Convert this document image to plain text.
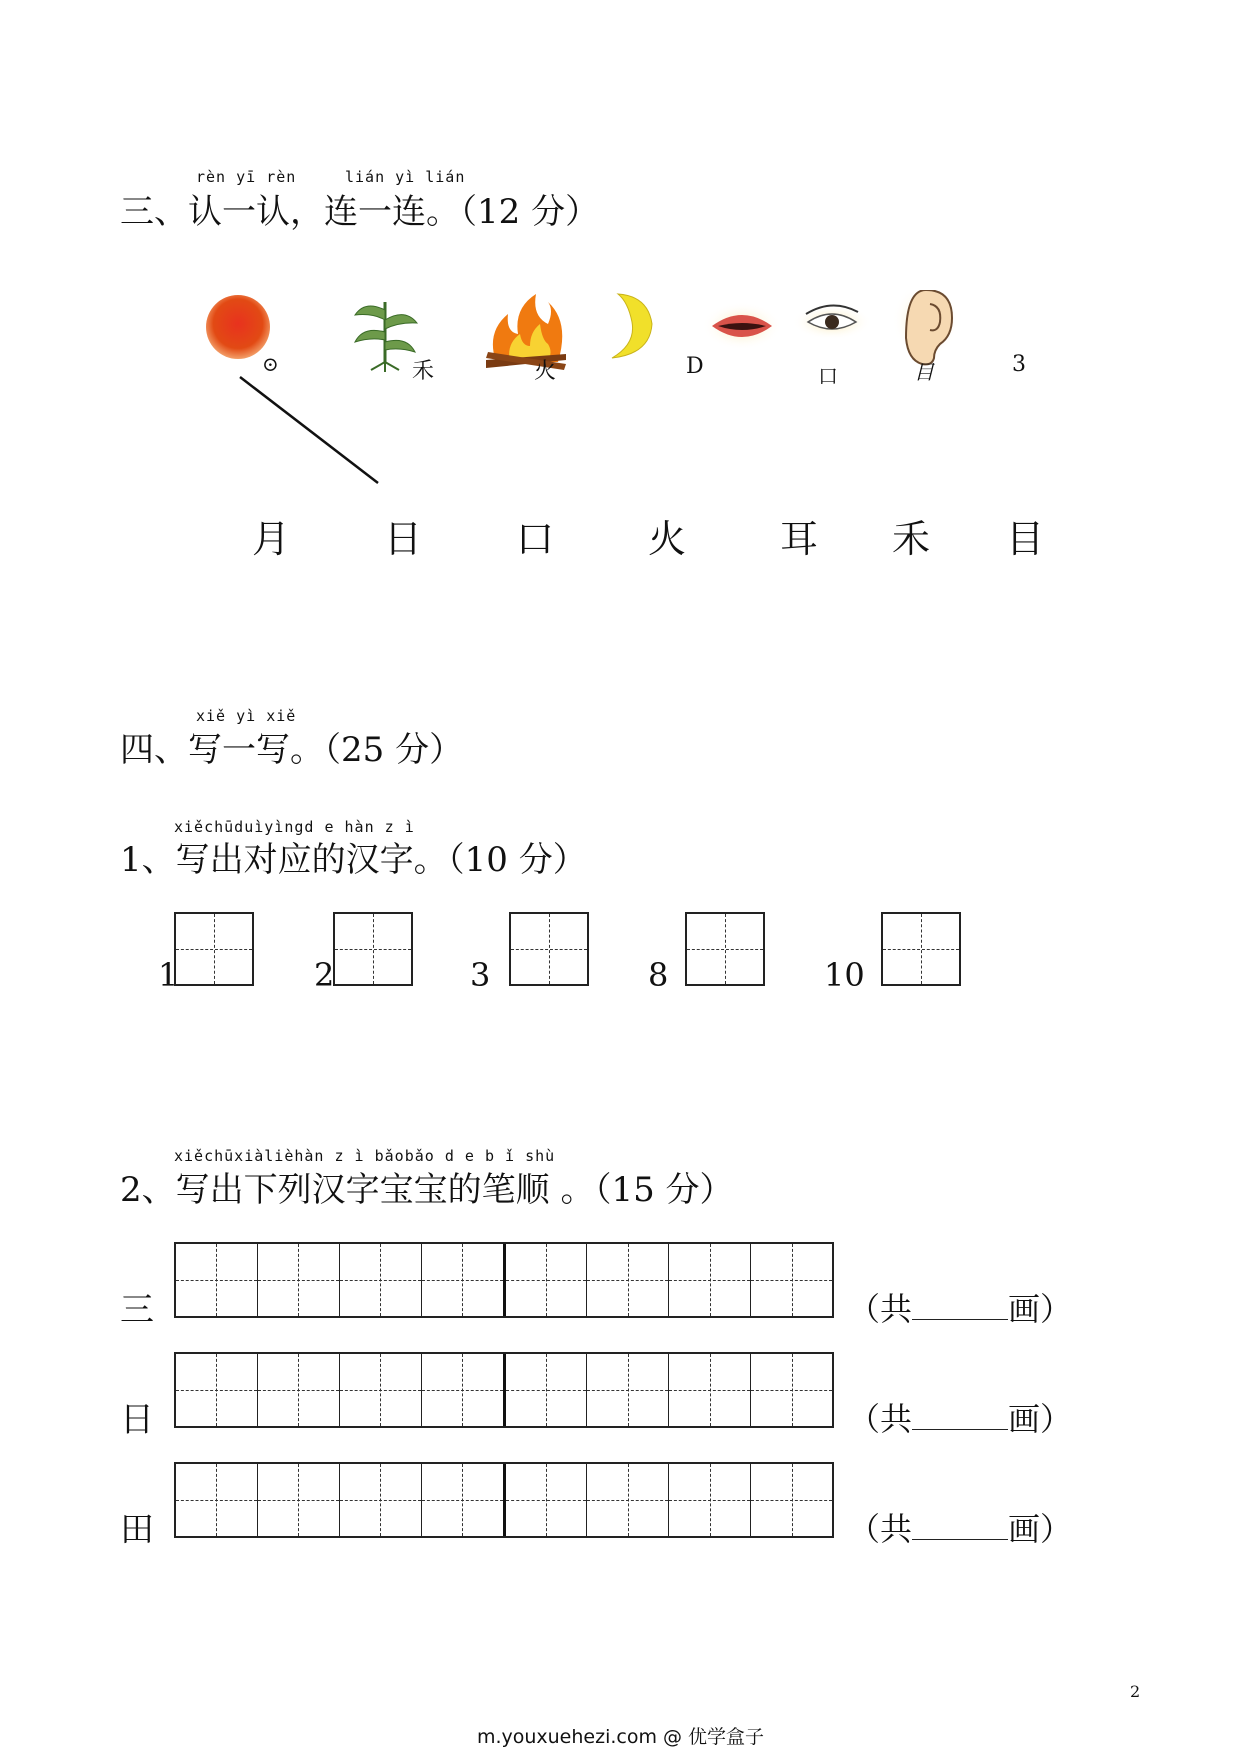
rèn yī rèn	lián yì lián
三、认一认，连一连。（12 分）
⊙	禾	火	D	口	目	3
月 日 口 火 耳 禾 目
xiě yì xiě
四、写一写。（25 分）
xiěchūduìyìngd e hàn z ì
1、写出对应的汉字。（10 分）
1	2	3	8	10
xiěchūxiàlièhàn z ì bǎobǎo d e b ǐ shù
2、写出下列汉字宝宝的笔顺 。（15 分）
三	（共	画）
日	（共	画）
田	（共	画）
2
m.youxuehezi.com @ 优学盒子
